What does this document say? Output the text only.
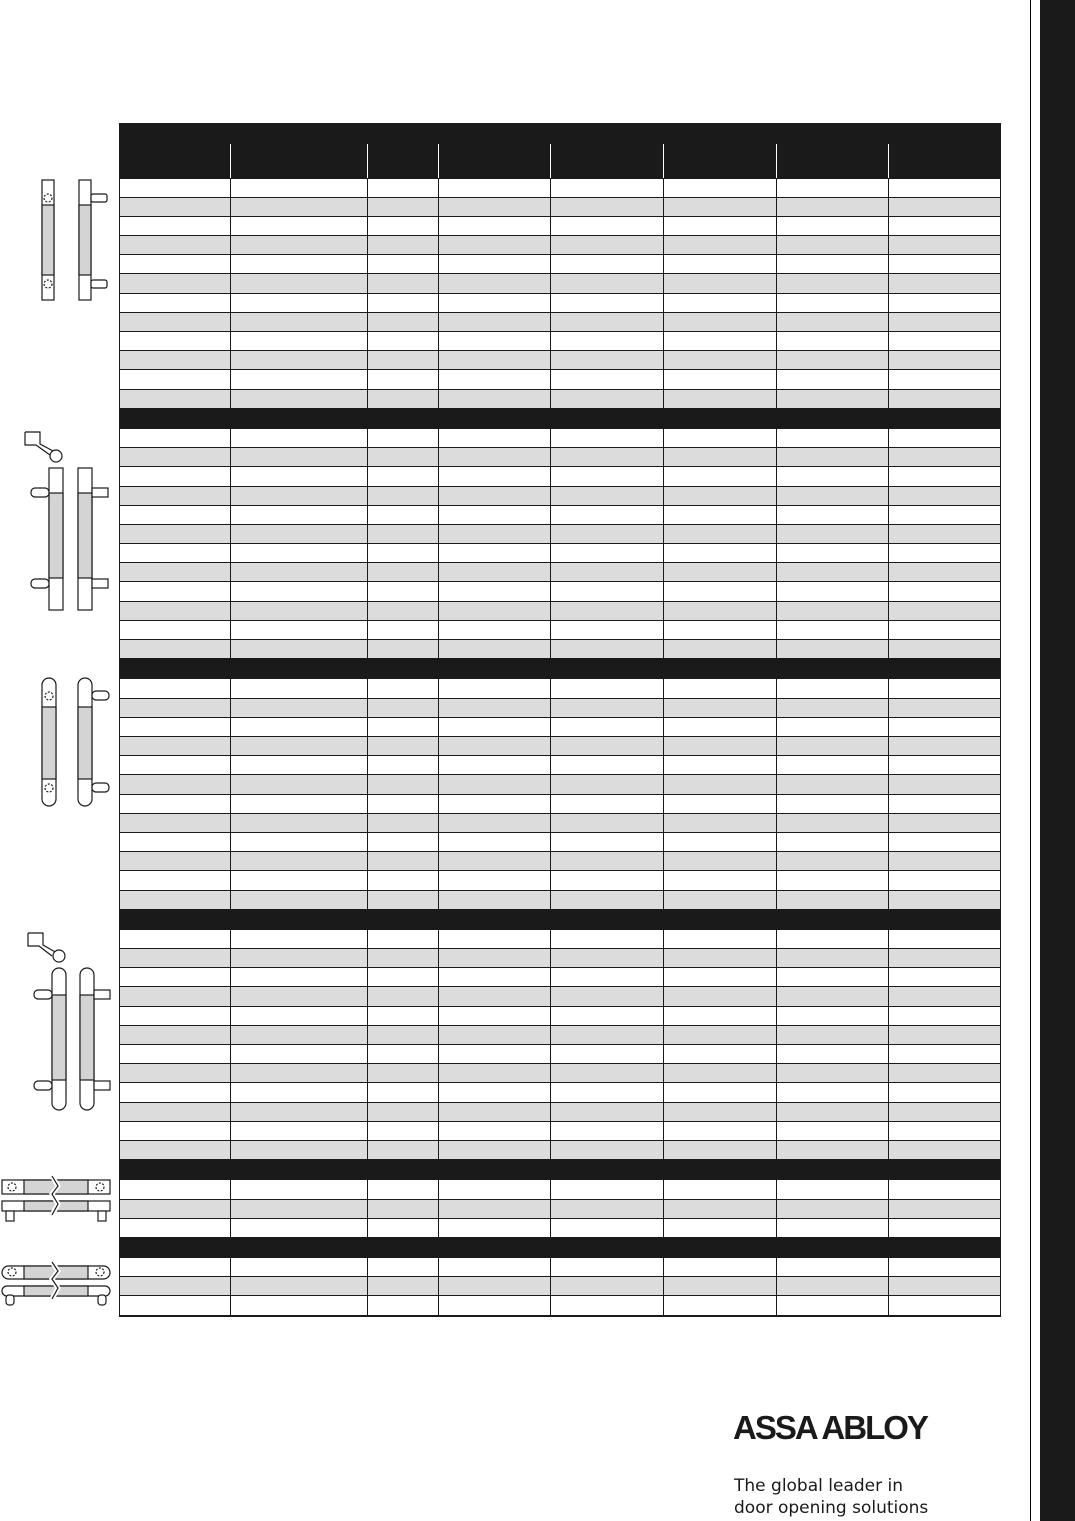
ASSA ABLOY
The global leader in
door opening solutions
